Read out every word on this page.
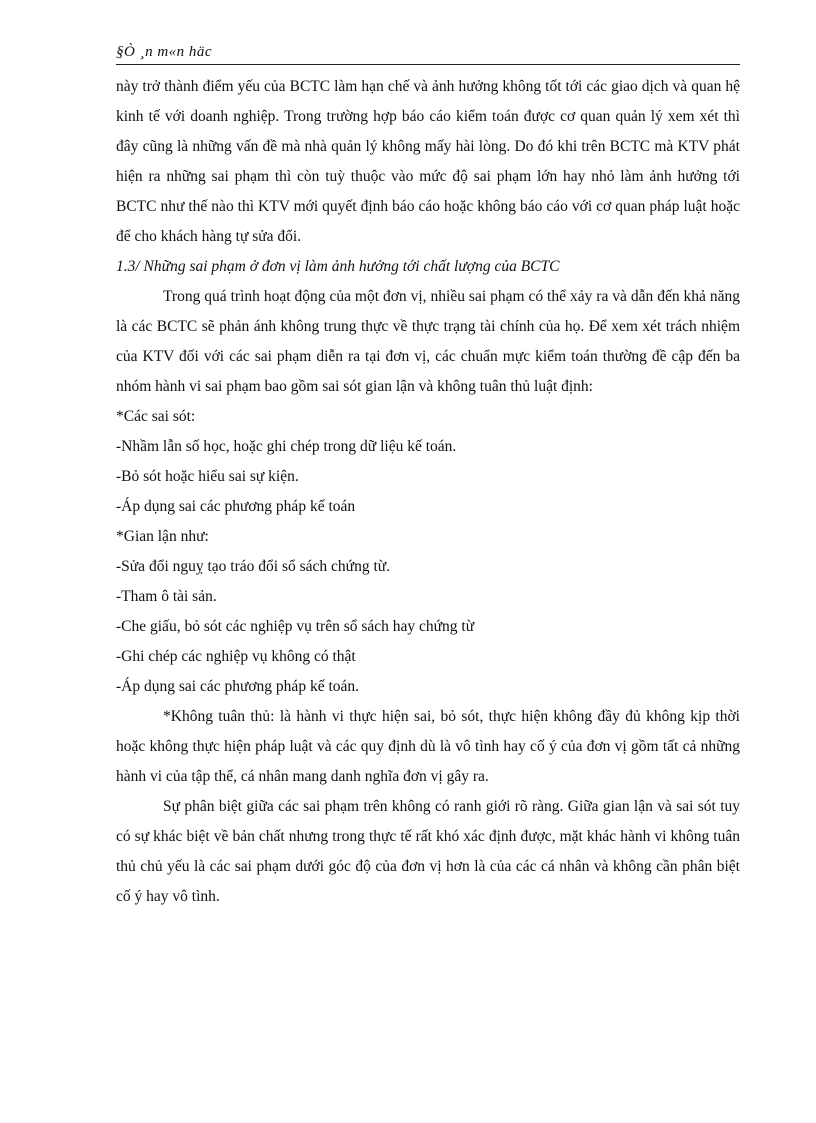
§Ò ¸n m«n häc

này trở thành điểm yếu của BCTC làm hạn chế và ảnh hưởng không tốt tới các giao dịch và quan hệ kinh tế với doanh nghiệp. Trong trường hợp báo cáo kiểm toán được cơ quan quản lý xem xét thì đây cũng là những vấn đề mà nhà quản lý không mấy hài lòng. Do đó khi trên BCTC mà KTV phát hiện ra những sai phạm thì còn tuỳ thuộc vào mức độ sai phạm lớn hay nhỏ làm ảnh hưởng tới BCTC như thế nào thì KTV mới quyết định báo cáo hoặc không báo cáo với cơ quan pháp luật hoặc để cho khách hàng tự sửa đổi.

1.3/ Những sai phạm ở đơn vị làm ảnh hưởng tới chất lượng của BCTC

Trong quá trình hoạt động của một đơn vị, nhiều sai phạm có thể xảy ra và dẫn đến khả năng là các BCTC sẽ phản ánh không trung thực về thực trạng tài chính của họ. Để xem xét trách nhiệm của KTV đối với các sai phạm diễn ra tại đơn vị, các chuẩn mực kiểm toán thường đề cập đến ba nhóm hành vi sai phạm bao gồm sai sót gian lận và không tuân thủ luật định:

*Các sai sót:

-Nhầm lẫn số học, hoặc ghi chép trong dữ liệu kế toán.

-Bỏ sót hoặc hiểu sai sự kiện.

-Áp dụng sai các phương pháp kế toán

*Gian lận như:

-Sửa đổi nguỵ tạo tráo đổi sổ sách chứng từ.

-Tham ô tài sản.

-Che giấu, bỏ sót các nghiệp vụ trên sổ sách hay chứng từ

-Ghi chép các nghiệp vụ không có thật

-Áp dụng sai các phương pháp kế toán.

*Không tuân thủ: là hành vi thực hiện sai, bỏ sót, thực hiện không đầy đủ không kịp thời hoặc không thực hiện pháp luật và các quy định dù là vô tình hay cố ý của đơn vị gồm tất cả những hành vi của tập thể, cá nhân mang danh nghĩa đơn vị gây ra.

Sự phân biệt giữa các sai phạm trên không có ranh giới rõ ràng. Giữa gian lận và sai sót tuy có sự khác biệt về bản chất nhưng trong thực tế rất khó xác định được, mặt khác hành vi không tuân thủ chủ yếu là các sai phạm dưới góc độ của đơn vị hơn là của các cá nhân và không cần phân biệt cố ý hay vô tình.
